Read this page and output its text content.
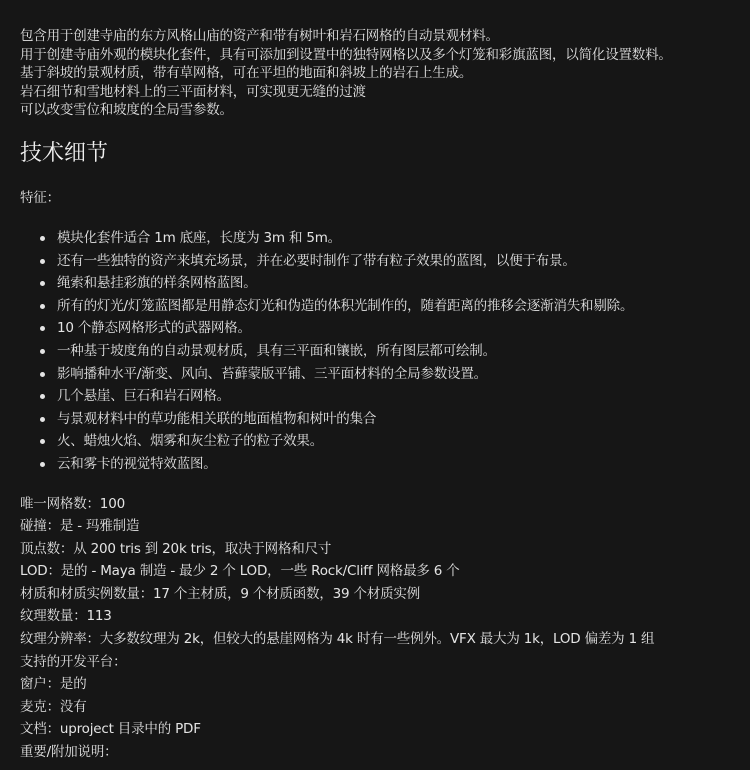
包含用于创建寺庙的东方风格山庙的资产和带有树叶和岩石网格的自动景观材料。
用于创建寺庙外观的模块化套件，具有可添加到设置中的独特网格以及多个灯笼和彩旗蓝图，以简化设置数料。
基于斜坡的景观材质，带有草网格，可在平坦的地面和斜坡上的岩石上生成。
岩石细节和雪地材料上的三平面材料，可实现更无缝的过渡
可以改变雪位和坡度的全局雪参数。
技术细节
特征：
模块化套件适合 1m 底座，长度为 3m 和 5m。
还有一些独特的资产来填充场景，并在必要时制作了带有粒子效果的蓝图，以便于布景。
绳索和悬挂彩旗的样条网格蓝图。
所有的灯光/灯笼蓝图都是用静态灯光和伪造的体积光制作的，随着距离的推移会逐渐消失和剔除。
10 个静态网格形式的武器网格。
一种基于坡度角的自动景观材质，具有三平面和镶嵌，所有图层都可绘制。
影响播种水平/渐变、风向、苔藓蒙版平铺、三平面材料的全局参数设置。
几个悬崖、巨石和岩石网格。
与景观材料中的草功能相关联的地面植物和树叶的集合
火、蜡烛火焰、烟雾和灰尘粒子的粒子效果。
云和雾卡的视觉特效蓝图。
唯一网格数：100
碰撞：是 - 玛雅制造
顶点数：从 200 tris 到 20k tris，取决于网格和尺寸
LOD：是的 - Maya 制造 - 最少 2 个 LOD，一些 Rock/Cliff 网格最多 6 个
材质和材质实例数量：17 个主材质，9 个材质函数，39 个材质实例
纹理数量：113
纹理分辨率：大多数纹理为 2k，但较大的悬崖网格为 4k 时有一些例外。VFX 最大为 1k，LOD 偏差为 1 组
支持的开发平台：
窗户：是的
麦克：没有
文档：uproject 目录中的 PDF
重要/附加说明：
